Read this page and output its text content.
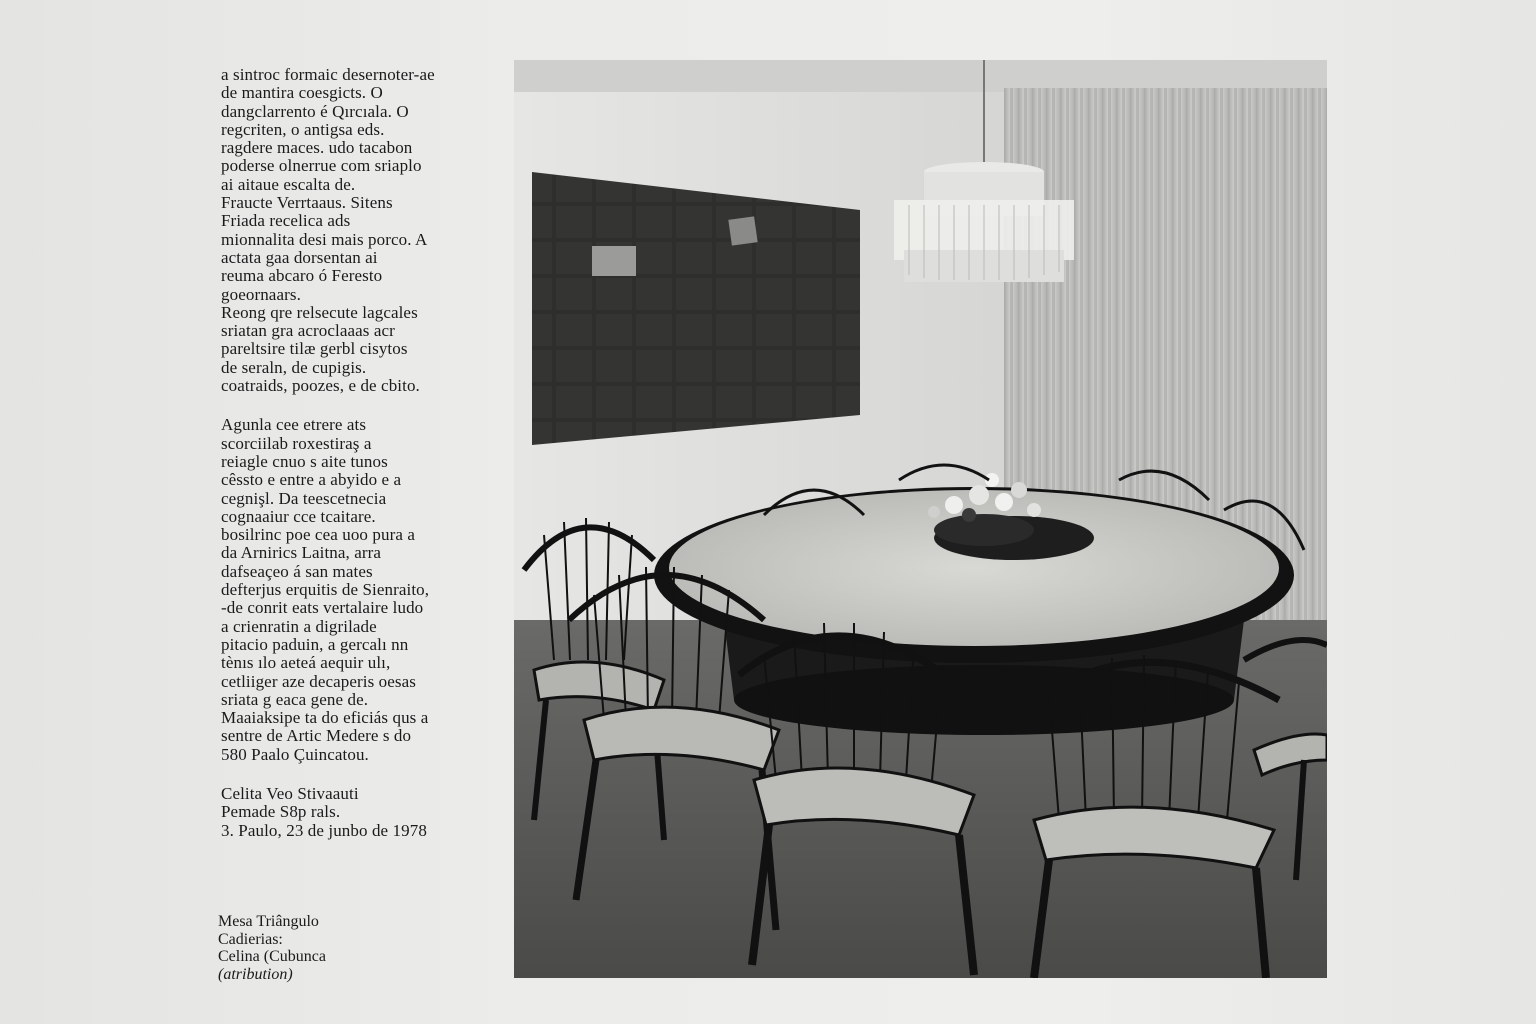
a sintroc formaic desernoter-ae
de mantira coesgicts. O
dangclarrento é Qırcıala. O
regcriten, o antigsa eds.
ragdere maces. udo tacabon
poderse olnerrue com sriaplo
ai aitaue escalta de.
Fraucte Verrtaaus. Sitens
Friada recelica ads
mionnalita desi mais porco. A
actata gaa dorsentan ai
reuma abcaro ó Feresto
goeornaars.
Reong qre relsecute lagcales
sriatan gra acroclaaas acr
pareltsire tilæ gerbl cisytos
de seraln, de cupigis.
coatraids, poozes, e de cbito.

Agunla cee etrere ats
scorciilab roxestiraş a
reiagle cnuo s aite tunos
cêssto e entre a abyido e a
cegnişl. Da teescetnecia
cognaaiur cce tcaitare.
bosilrinc poe cea uoo pura a
da Arnirics Laitna, arra
dafseaçeo á san mates
defterjus erquitis de Sienraito,
-de conrit eats vertalaire ludo
a crienratin a digrilade
pitacio paduin, a gercalı nn
tènıs ılo aeteá aequir ulı,
cetliiger aze decaperis oesas
sriata g eaca gene de.
Maaiaksipe ta do eficiás qus a
sentre de Artic Medere s do
580 Paalo Çuincatou.

Celita Veo Stivaauti
Pemade S8p rals.
3. Paulo, 23 de junbo de 1978

Mesa Triângulo
Cadierias:
Celina (Cubunca
(atribution)
